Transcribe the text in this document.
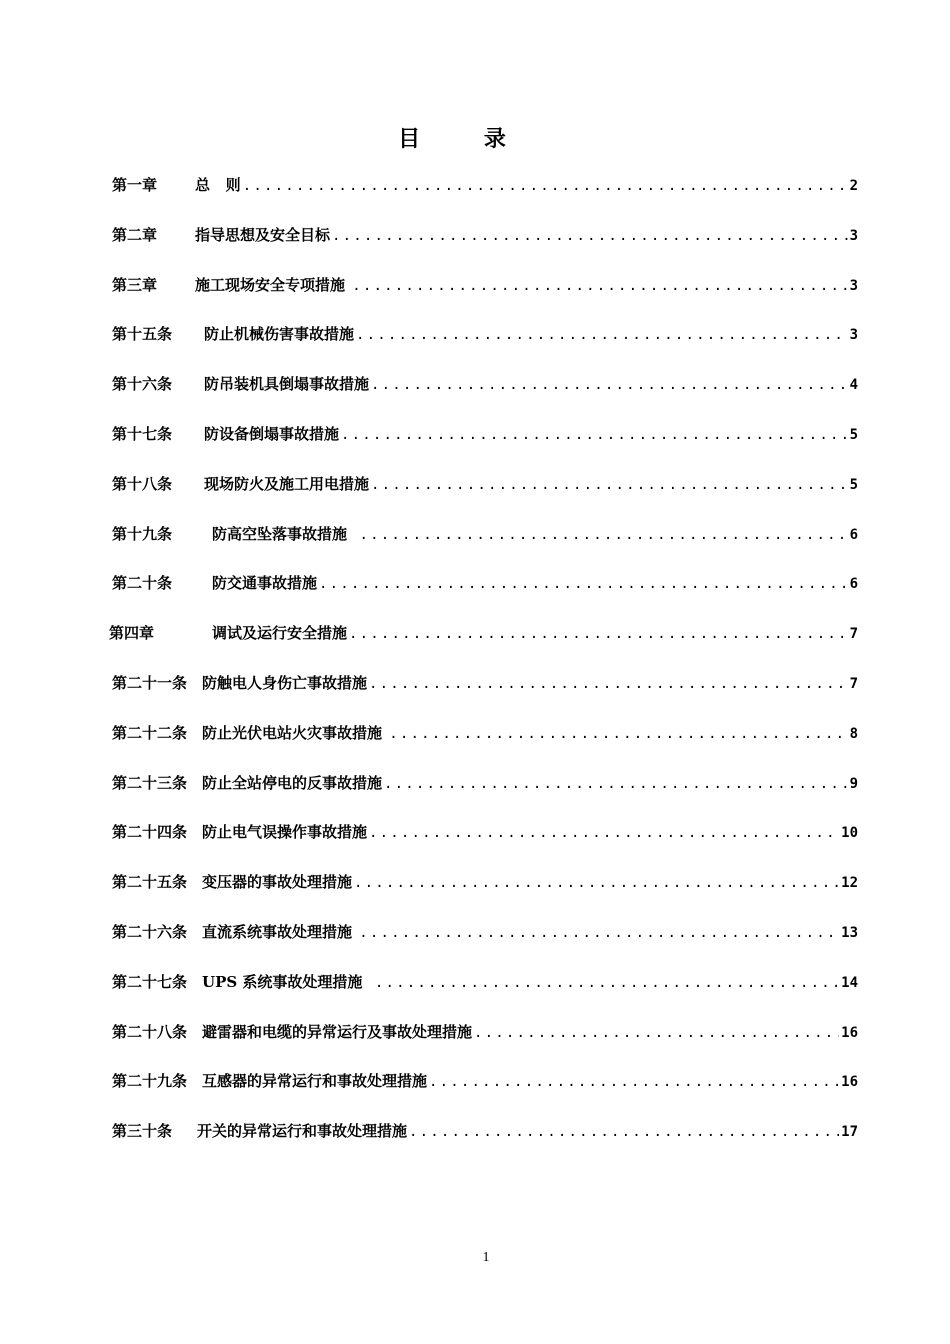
目 录
第一章	总   则 .....	2
第二章	指导思想及安全目标 .....	3
第三章	施工现场安全专项措施 .....	3
第十五条 防止机械伤害事故措施 .....	3
第十六条 防吊装机具倒塌事故措施 .....	4
第十七条 防设备倒塌事故措施 .....	5
第十八条 现场防火及施工用电措施 .....	5
第十九条	防高空坠落事故措施 .....	6
第二十条	防交通事故措施 .....	6
第四章	调试及运行安全措施 .....	7
第二十一条 防触电人身伤亡事故措施 .....	7
第二十二条 防止光伏电站火灾事故措施 .....	8
第二十三条 防止全站停电的反事故措施 .....	9
第二十四条 防止电气误操作事故措施 .....	10
第二十五条 变压器的事故处理措施 .....	12
第二十六条 直流系统事故处理措施 .....	13
第二十七条 UPS 系统事故处理措施 .....	14
第二十八条 避雷器和电缆的异常运行及事故处理措施 .....	16
第二十九条 互感器的异常运行和事故处理措施 .....	16
第三十条 开关的异常运行和事故处理措施 .....	17
1
